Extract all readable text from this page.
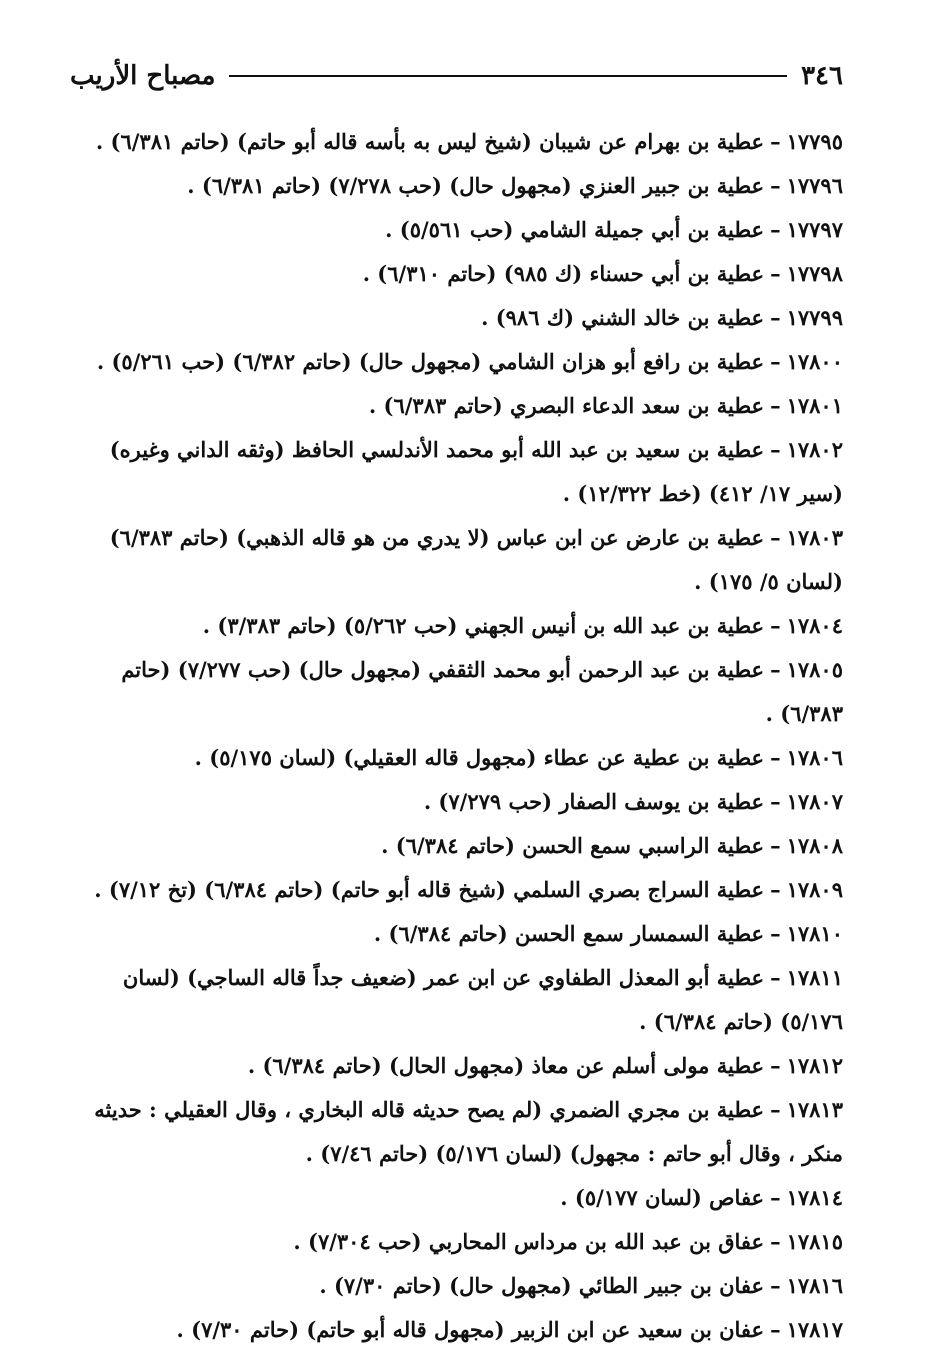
٣٤٦
مصباح الأريب

١٧٧٩٥–عطية بن بهرام عن شيبان (شيخ ليس به بأسه قاله أبو حاتم) (حاتم ٦/٣٨١) .

١٧٧٩٦–عطية بن جبير العنزي (مجهول حال) (حب ٧/٢٧٨) (حاتم ٦/٣٨١) .

١٧٧٩٧–عطية بن أبي جميلة الشامي (حب ٥/٥٦١) .

١٧٧٩٨–عطية بن أبي حسناء (ك ٩٨٥) (حاتم ٦/٣١٠) .

١٧٧٩٩–عطية بن خالد الشني (ك ٩٨٦) .

١٧٨٠٠–عطية بن رافع أبو هزان الشامي (مجهول حال) (حاتم ٦/٣٨٢) (حب ٥/٢٦١) .

١٧٨٠١–عطية بن سعد الدعاء البصري (حاتم ٦/٣٨٣) .

١٧٨٠٢–عطية بن سعيد بن عبد الله أبو محمد الأندلسي الحافظ (وثقه الداني وغيره) (سير ١٧/ ٤١٢) (خط ١٢/٣٢٢) .

١٧٨٠٣–عطية بن عارض عن ابن عباس (لا يدري من هو قاله الذهبي) (حاتم ٦/٣٨٣) (لسان ٥/ ١٧٥) .

١٧٨٠٤–عطية بن عبد الله بن أنيس الجهني (حب ٥/٢٦٢) (حاتم ٣/٣٨٣) .

١٧٨٠٥–عطية بن عبد الرحمن أبو محمد الثقفي (مجهول حال) (حب ٧/٢٧٧) (حاتم ٦/٣٨٣) .

١٧٨٠٦–عطية بن عطية عن عطاء (مجهول قاله العقيلي) (لسان ٥/١٧٥) .

١٧٨٠٧–عطية بن يوسف الصفار (حب ٧/٢٧٩) .

١٧٨٠٨–عطية الراسبي سمع الحسن (حاتم ٦/٣٨٤) .

١٧٨٠٩–عطية السراج بصري السلمي (شيخ قاله أبو حاتم) (حاتم ٦/٣٨٤) (تخ ٧/١٢) .

١٧٨١٠–عطية السمسار سمع الحسن (حاتم ٦/٣٨٤) .

١٧٨١١–عطية أبو المعذل الطفاوي عن ابن عمر (ضعيف جداً قاله الساجي) (لسان ٥/١٧٦) (حاتم ٦/٣٨٤) .

١٧٨١٢–عطية مولى أسلم عن معاذ (مجهول الحال) (حاتم ٦/٣٨٤) .

١٧٨١٣–عطية بن مجري الضمري (لم يصح حديثه قاله البخاري ، وقال العقيلي : حديثه منكر ، وقال أبو حاتم : مجهول) (لسان ٥/١٧٦) (حاتم ٧/٤٦) .

١٧٨١٤–عفاص (لسان ٥/١٧٧) .

١٧٨١٥–عفاق بن عبد الله بن مرداس المحاربي (حب ٧/٣٠٤) .

١٧٨١٦–عفان بن جبير الطائي (مجهول حال) (حاتم ٧/٣٠) .

١٧٨١٧–عفان بن سعيد عن ابن الزبير (مجهول قاله أبو حاتم) (حاتم ٧/٣٠) .
